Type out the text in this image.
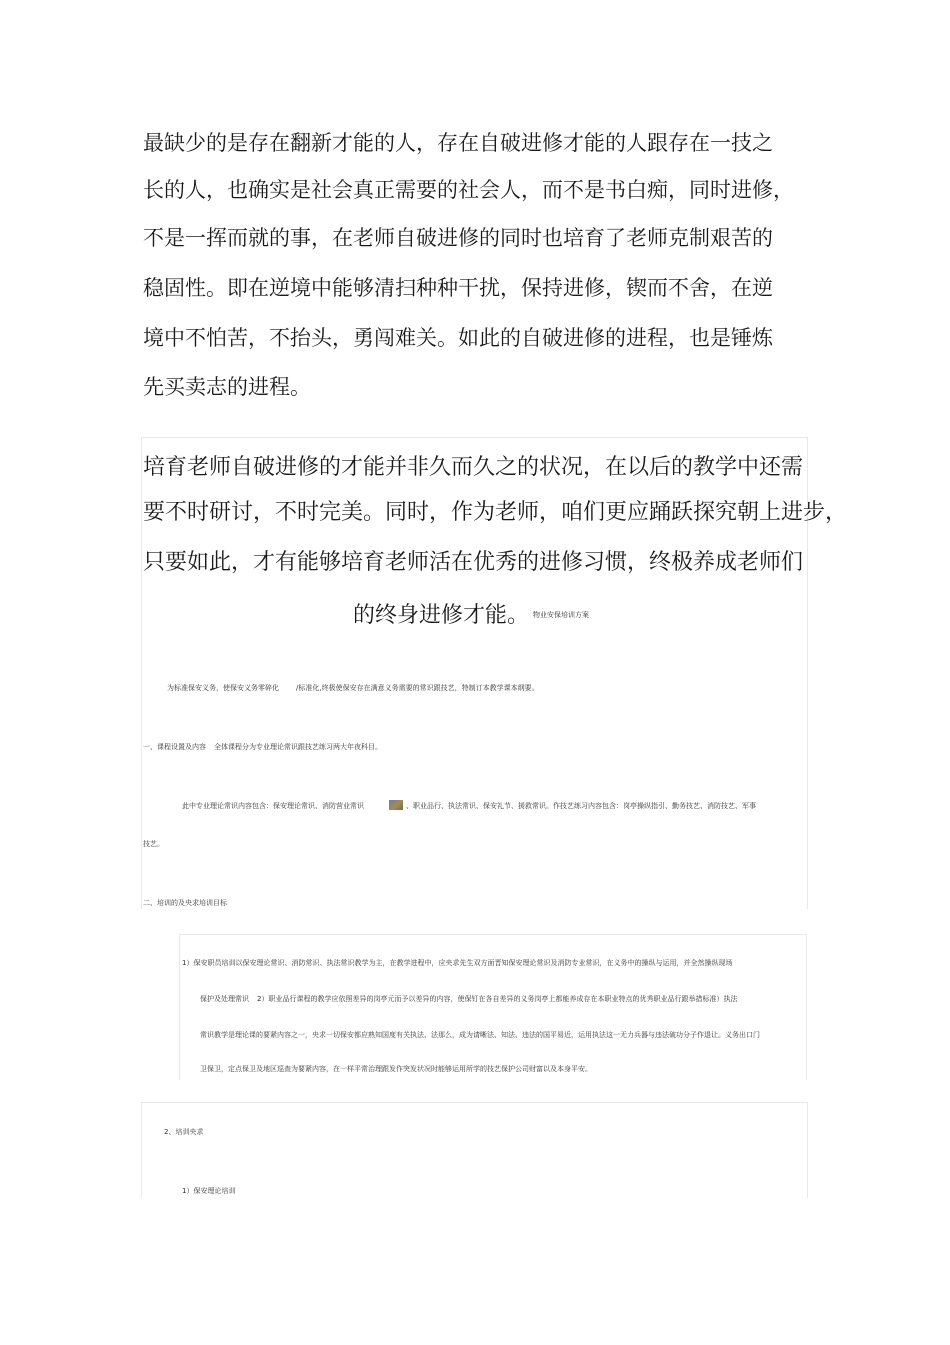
最缺少的是存在翻新才能的人，存在自破进修才能的人跟存在一技之
长的人，也确实是社会真正需要的社会人，而不是书白痴，同时进修，
不是一挥而就的事，在老师自破进修的同时也培育了老师克制艰苦的
稳固性。即在逆境中能够清扫种种干扰，保持进修，锲而不舍，在逆
境中不怕苦，不抬头，勇闯难关。如此的自破进修的进程，也是锤炼
先买卖志的进程。
培育老师自破进修的才能并非久而久之的状况，在以后的教学中还需
要不时研讨，不时完美。同时，作为老师，咱们更应踊跃探究朝上进步，
只要如此，才有能够培育老师活在优秀的进修习惯，终极养成老师们
的终身进修才能。 物业安保培训方案
为标准保安义务，使保安义务零碎化 /标准化,终极使保安存在满意义务需要的常识跟技艺，特制订本教学课本纲要。
一、课程设置及内容 全体课程分为专业理论常识跟技艺练习两大年夜科目。
此中专业理论常识内容包含：保安理论常识、消防营业常识	、职业品行、执法常识、保安礼节、援救常识。作技艺练习内容包含：岗亭操纵指引、勤务技艺、消防技艺、军事
技艺。
二、培训的及央求培训目标
1）保安职员培训以保安理论常识、消防常识、执法常识教学为主，在教学进程中，应央求先生双方面晋知保安理论常识及消防专业常识，在义务中的操纵与运用，并全然操纵现场
保护及处理常识 2）职业品行课程的教学应依照差异的岗亭元而予以差异的内容，使保钉在各自差异的义务岗亭上都能养成存在本职业特点的优秀职业品行跟举措标准）执法
常识教学是理论课的要紧内容之一，央求一切保安都应熟知国度有关执法、法那么，成为请晰法、知法、违法的国平易近，运用执法这一无力兵器与违法破功分子作退让。义务出口门
卫保卫，定点保卫及地区巡查为要紧内容，在一样平常治理跟发作突发状况时能够运用所学的技艺保护公司财富以及本身平安。
2、培训央求
1）保安理论培训
